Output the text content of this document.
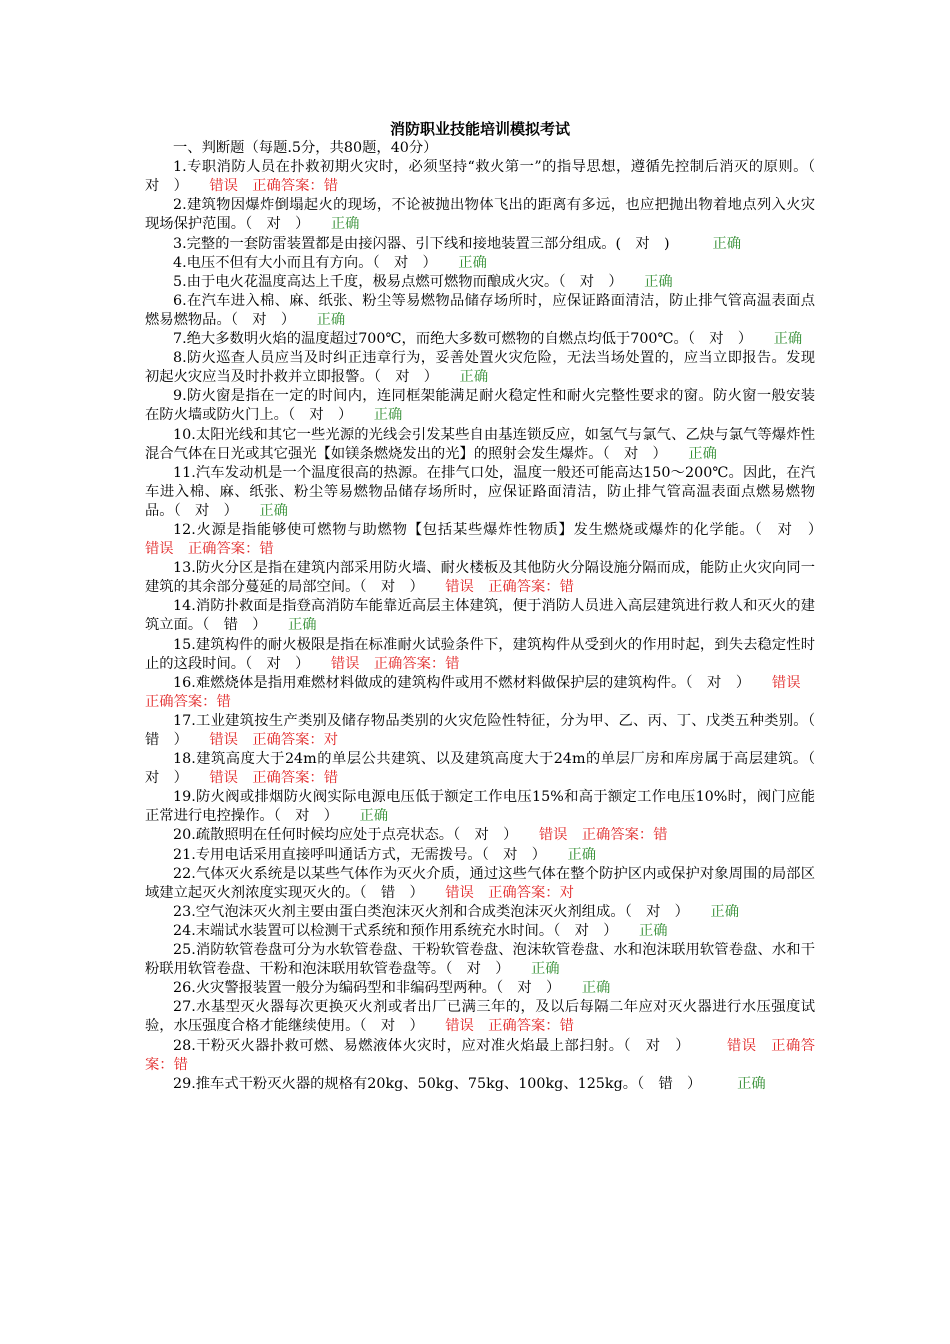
消防职业技能培训模拟考试
一、判断题（每题.5分，共80题，40分）
1.专职消防人员在扑救初期火灾时，必须坚持“救火第一”的指导思想，遵循先控制后消灭的原则。（　对　）　　错误　正确答案：错
2.建筑物因爆炸倒塌起火的现场，不论被抛出物体飞出的距离有多远，也应把抛出物着地点列入火灾现场保护范围。（　对　）　　正确
3.完整的一套防雷装置都是由接闪器、引下线和接地装置三部分组成。(　对　)　　　正确
4.电压不但有大小而且有方向。（　对　）　　正确
5.由于电火花温度高达上千度，极易点燃可燃物而酿成火灾。（　对　）　　正确
6.在汽车进入棉、麻、纸张、粉尘等易燃物品储存场所时，应保证路面清洁，防止排气管高温表面点燃易燃物品。（　对　）　　正确
7.绝大多数明火焰的温度超过700℃，而绝大多数可燃物的自燃点均低于700℃。（　对　）　　正确
8.防火巡查人员应当及时纠正违章行为，妥善处置火灾危险，无法当场处置的，应当立即报告。发现初起火灾应当及时扑救并立即报警。（　对　）　　正确
9.防火窗是指在一定的时间内，连同框架能满足耐火稳定性和耐火完整性要求的窗。防火窗一般安装在防火墙或防火门上。（　对　）　　正确
10.太阳光线和其它一些光源的光线会引发某些自由基连锁反应，如氢气与氯气、乙炔与氯气等爆炸性混合气体在日光或其它强光【如镁条燃烧发出的光】的照射会发生爆炸。（　对　）　　正确
11.汽车发动机是一个温度很高的热源。在排气口处，温度一般还可能高达150～200℃。因此，在汽车进入棉、麻、纸张、粉尘等易燃物品储存场所时，应保证路面清洁，防止排气管高温表面点燃易燃物品。（　对　）　　正确
12.火源是指能够使可燃物与助燃物【包括某些爆炸性物质】发生燃烧或爆炸的化学能。（　对　）　　错误　正确答案：错
13.防火分区是指在建筑内部采用防火墙、耐火楼板及其他防火分隔设施分隔而成，能防止火灾向同一建筑的其余部分蔓延的局部空间。（　对　）　　错误　正确答案：错
14.消防扑救面是指登高消防车能靠近高层主体建筑，便于消防人员进入高层建筑进行救人和灭火的建筑立面。（　错　）　　正确
15.建筑构件的耐火极限是指在标准耐火试验条件下，建筑构件从受到火的作用时起，到失去稳定性时止的这段时间。（　对　）　　错误　正确答案：错
16.难燃烧体是指用难燃材料做成的建筑构件或用不燃材料做保护层的建筑构件。（　对　）　　错误　正确答案：错
17.工业建筑按生产类别及储存物品类别的火灾危险性特征，分为甲、乙、丙、丁、戊类五种类别。（　错　）　　错误　正确答案：对
18.建筑高度大于24m的单层公共建筑、以及建筑高度大于24m的单层厂房和库房属于高层建筑。（　对　）　　错误　正确答案：错
19.防火阀或排烟防火阀实际电源电压低于额定工作电压15%和高于额定工作电压10%时，阀门应能正常进行电控操作。（　对　）　　正确
20.疏散照明在任何时候均应处于点亮状态。（　对　）　　错误　正确答案：错
21.专用电话采用直接呼叫通话方式，无需拨号。（　对　）　　正确
22.气体灭火系统是以某些气体作为灭火介质，通过这些气体在整个防护区内或保护对象周围的局部区域建立起灭火剂浓度实现灭火的。（　错　）　　错误　正确答案：对
23.空气泡沫灭火剂主要由蛋白类泡沫灭火剂和合成类泡沫灭火剂组成。（　对　）　　正确
24.末端试水装置可以检测干式系统和预作用系统充水时间。（　对　）　　正确
25.消防软管卷盘可分为水软管卷盘、干粉软管卷盘、泡沫软管卷盘、水和泡沫联用软管卷盘、水和干粉联用软管卷盘、干粉和泡沫联用软管卷盘等。（　对　）　　正确
26.火灾警报装置一般分为编码型和非编码型两种。（　对　）　　正确
27.水基型灭火器每次更换灭火剂或者出厂已满三年的，及以后每隔二年应对灭火器进行水压强度试验，水压强度合格才能继续使用。（　对　）　　错误　正确答案：错
28.干粉灭火器扑救可燃、易燃液体火灾时，应对准火焰最上部扫射。（　对　）　　　错误　正确答案：错
29.推车式干粉灭火器的规格有20kg、50kg、75kg、100kg、125kg。（　错　）　　　正确
